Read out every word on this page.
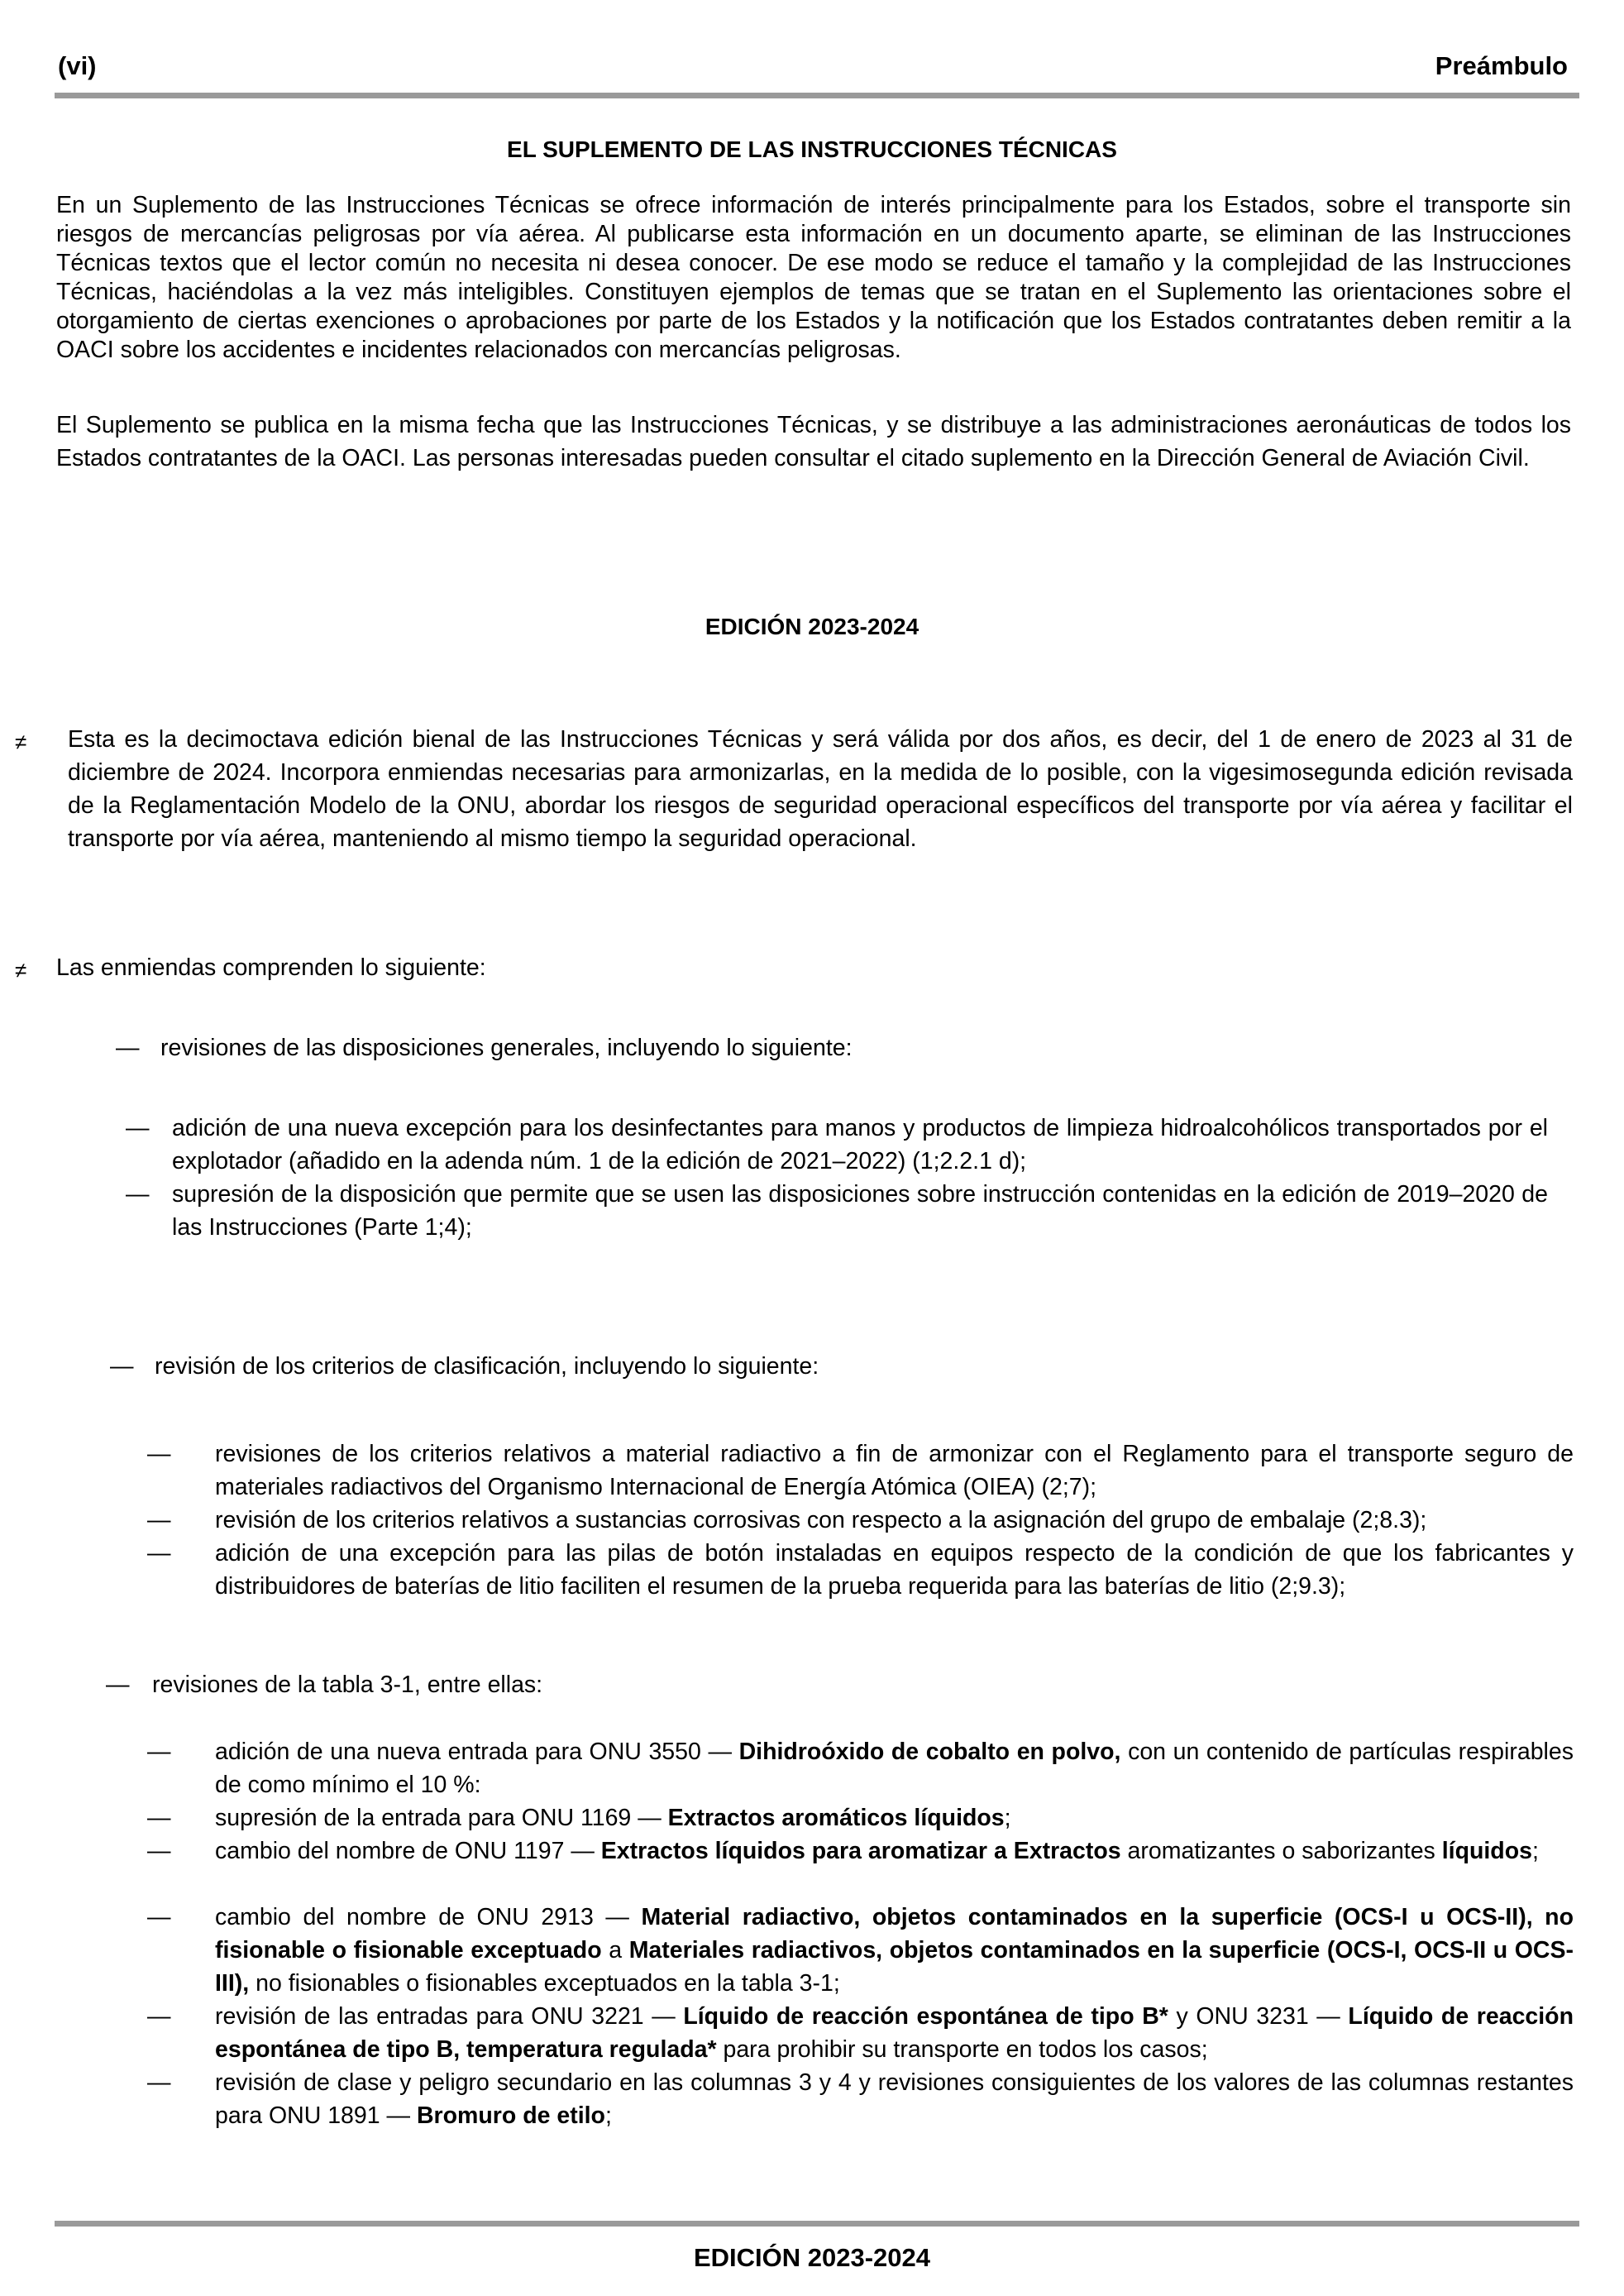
(vi)	Preámbulo
EL SUPLEMENTO DE LAS INSTRUCCIONES TÉCNICAS

En un Suplemento de las Instrucciones Técnicas se ofrece información de interés principalmente para los Estados, sobre el transporte sin riesgos de mercancías peligrosas por vía aérea. Al publicarse esta información en un documento aparte, se eliminan de las Instrucciones Técnicas textos que el lector común no necesita ni desea conocer. De ese modo se reduce el tamaño y la complejidad de las Instrucciones Técnicas, haciéndolas a la vez más inteligibles. Constituyen ejemplos de temas que se tratan en el Suplemento las orientaciones sobre el otorgamiento de ciertas exenciones o aprobaciones por parte de los Estados y la notificación que los Estados contratantes deben remitir a la OACI sobre los accidentes e incidentes relacionados con mercancías peligrosas.

El Suplemento se publica en la misma fecha que las Instrucciones Técnicas, y se distribuye a las administraciones aeronáuticas de todos los Estados contratantes de la OACI. Las personas interesadas pueden consultar el citado suplemento en la Dirección General de Aviación Civil.

EDICIÓN 2023-2024
≠ Esta es la decimoctava edición bienal de las Instrucciones Técnicas y será válida por dos años, es decir, del 1 de enero de 2023 al 31 de diciembre de 2024. Incorpora enmiendas necesarias para armonizarlas, en la medida de lo posible, con la vigesimosegunda edición revisada de la Reglamentación Modelo de la ONU, abordar los riesgos de seguridad operacional específicos del transporte por vía aérea y facilitar el transporte por vía aérea, manteniendo al mismo tiempo la seguridad operacional.

≠ Las enmiendas comprenden lo siguiente:

— revisiones de las disposiciones generales, incluyendo lo siguiente:

— adición de una nueva excepción para los desinfectantes para manos y productos de limpieza hidroalcohólicos transportados por el explotador (añadido en la adenda núm. 1 de la edición de 2021–2022) (1;2.2.1 d);

— supresión de la disposición que permite que se usen las disposiciones sobre instrucción contenidas en la edición de 2019–2020 de las Instrucciones (Parte 1;4);

— revisión de los criterios de clasificación, incluyendo lo siguiente:

— revisiones de los criterios relativos a material radiactivo a fin de armonizar con el Reglamento para el transporte seguro de materiales radiactivos del Organismo Internacional de Energía Atómica (OIEA) (2;7);

— revisión de los criterios relativos a sustancias corrosivas con respecto a la asignación del grupo de embalaje (2;8.3);

— adición de una excepción para las pilas de botón instaladas en equipos respecto de la condición de que los fabricantes y distribuidores de baterías de litio faciliten el resumen de la prueba requerida para las baterías de litio (2;9.3);

— revisiones de la tabla 3-1, entre ellas:

— adición de una nueva entrada para ONU 3550 — Dihidroóxido de cobalto en polvo, con un contenido de partículas respirables de como mínimo el 10 %:

— supresión de la entrada para ONU 1169 — Extractos aromáticos líquidos;

— cambio del nombre de ONU 1197 — Extractos líquidos para aromatizar a Extractos aromatizantes o saborizantes líquidos;

— cambio del nombre de ONU 2913 — Material radiactivo, objetos contaminados en la superficie (OCS-I u OCS-II), no fisionable o fisionable exceptuado a Materiales radiactivos, objetos contaminados en la superficie (OCS-I, OCS-II u OCS-III), no fisionables o fisionables exceptuados en la tabla 3-1;

— revisión de las entradas para ONU 3221 — Líquido de reacción espontánea de tipo B* y ONU 3231 — Líquido de reacción espontánea de tipo B, temperatura regulada* para prohibir su transporte en todos los casos;

— revisión de clase y peligro secundario en las columnas 3 y 4 y revisiones consiguientes de los valores de las columnas restantes para ONU 1891 — Bromuro de etilo;

EDICIÓN 2023-2024
